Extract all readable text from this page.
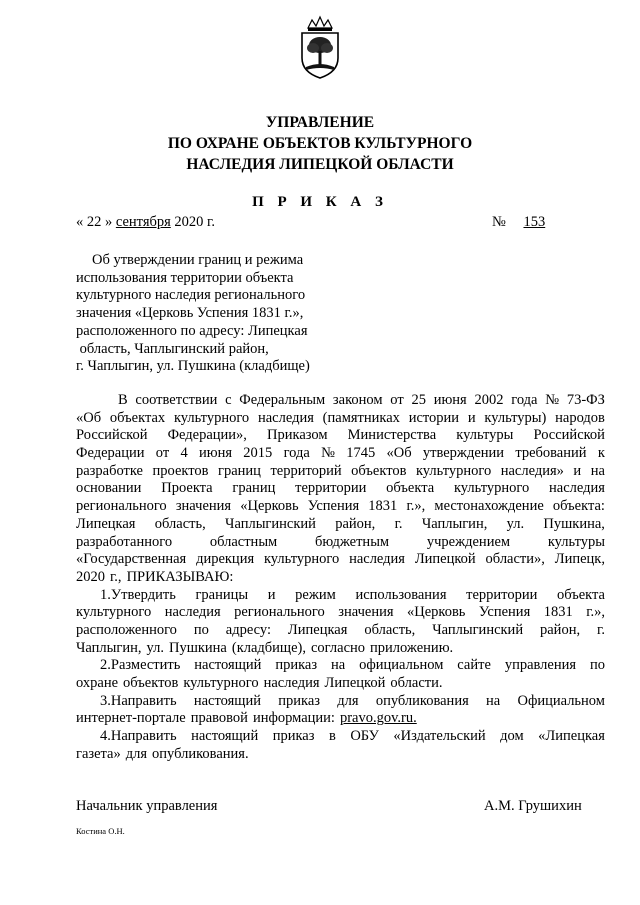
УПРАВЛЕНИЕ
ПО ОХРАНЕ ОБЪЕКТОВ КУЛЬТУРНОГО
НАСЛЕДИЯ ЛИПЕЦКОЙ ОБЛАСТИ
П Р И К А З
« 22 » сентября 2020 г.	№ 153
Об утверждении границ и режима
использования территории объекта
культурного наследия регионального
значения «Церковь Успения 1831 г.»,
расположенного по адресу: Липецкая
область, Чаплыгинский район,
г. Чаплыгин, ул. Пушкина (кладбище)
В соответствии с Федеральным законом от 25 июня 2002 года № 73-ФЗ
«Об объектах культурного наследия (памятниках истории и культуры) народов
Российской Федерации», Приказом Министерства культуры Российской
Федерации от 4 июня 2015 года № 1745 «Об утверждении требований к
разработке проектов границ территорий объектов культурного наследия» и на
основании Проекта границ территории объекта культурного наследия
регионального значения «Церковь Успения 1831 г.», местонахождение объекта:
Липецкая область, Чаплыгинский район, г. Чаплыгин, ул. Пушкина,
разработанного	областным	бюджетным	учреждением	культуры
«Государственная дирекция культурного наследия Липецкой области», Липецк,
2020 г., ПРИКАЗЫВАЮ:
1.Утвердить границы и режим использования территории объекта
культурного наследия регионального значения «Церковь Успения 1831 г.»,
расположенного по адресу: Липецкая область, Чаплыгинский район, г.
Чаплыгин, ул. Пушкина (кладбище), согласно приложению.
2.Разместить настоящий приказ на официальном сайте управления по
охране объектов культурного наследия Липецкой области.
3.Направить настоящий приказ для опубликования на Официальном
интернет-портале правовой информации: pravo.gov.ru.
4.Направить настоящий приказ в ОБУ «Издательский дом «Липецкая
газета» для опубликования.
Начальник управления	А.М. Грушихин
Костина О.Н.
